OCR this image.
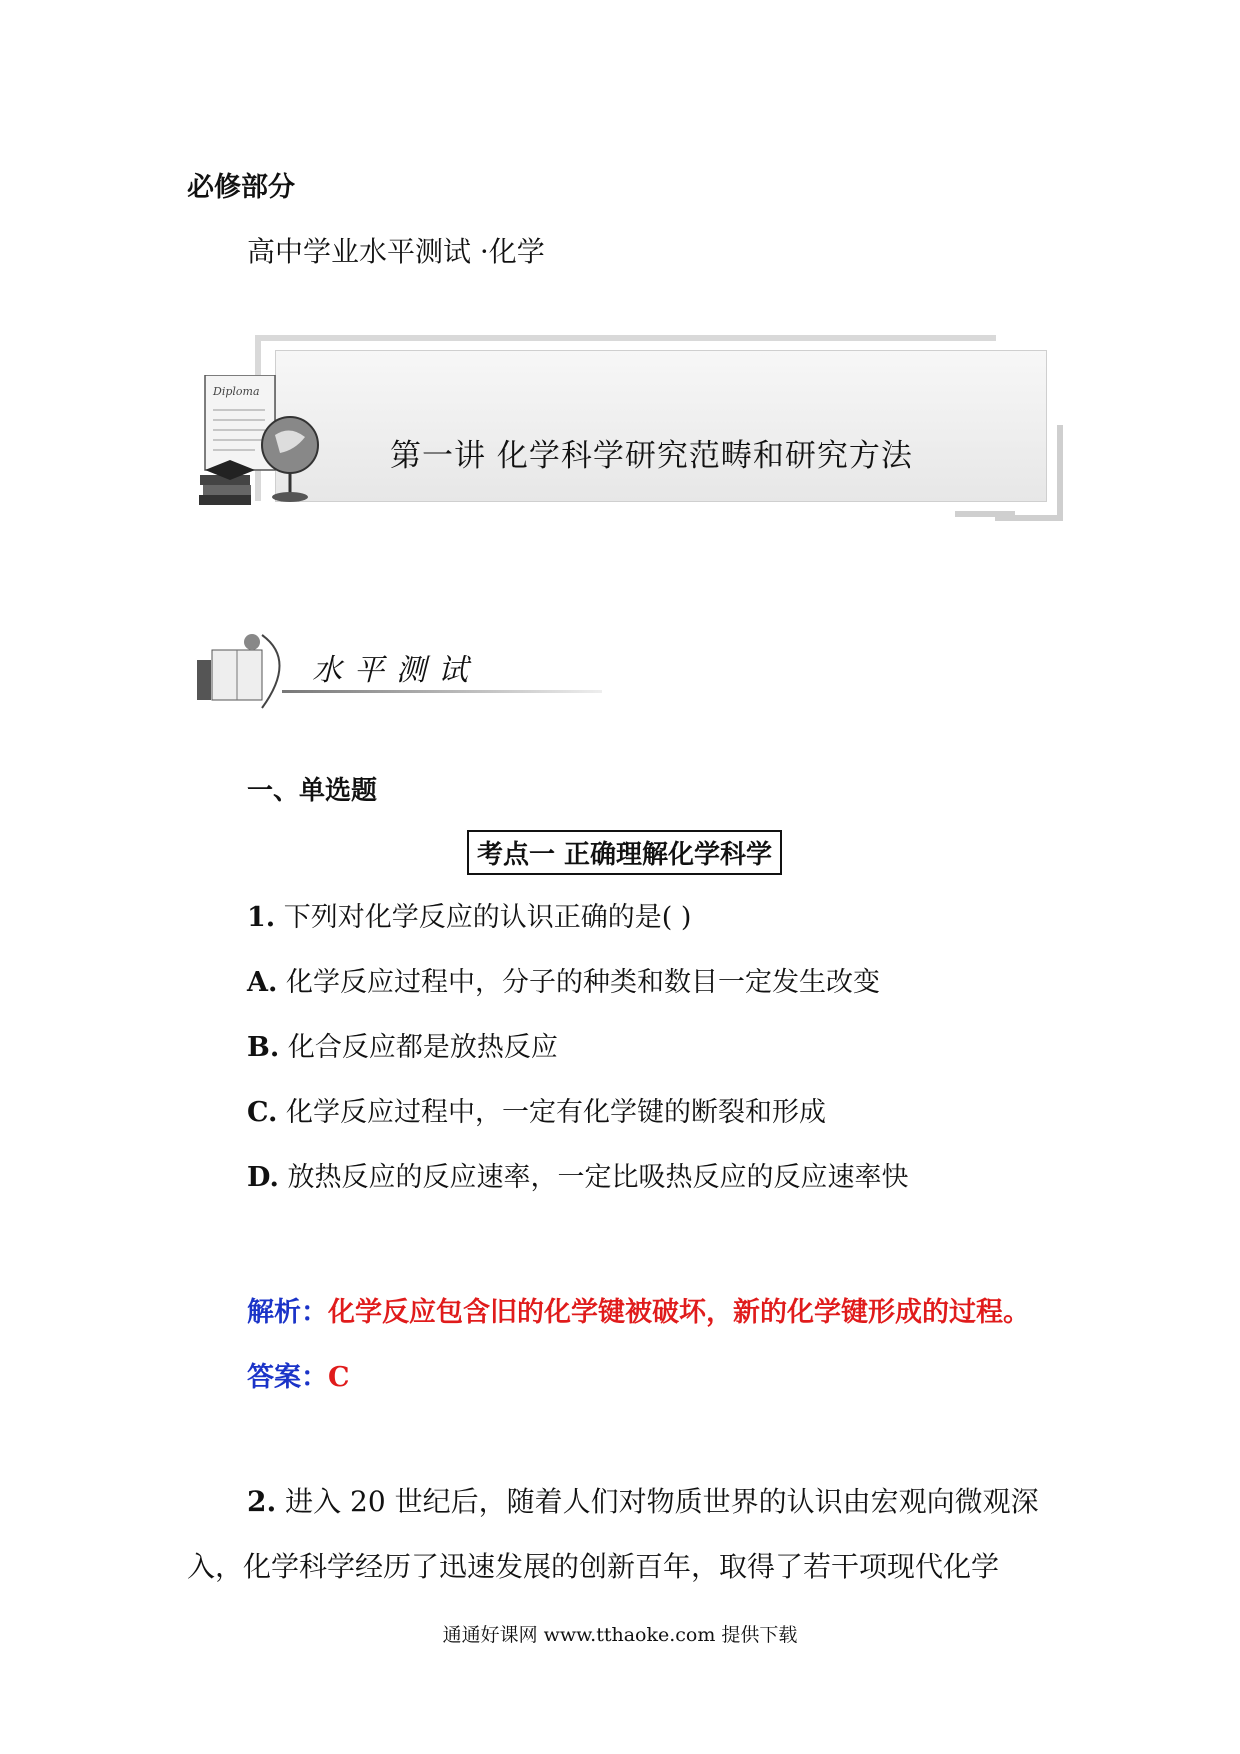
必修部分
高中学业水平测试 ·化学
Diploma
第一讲 化学科学研究范畴和研究方法
水平测试
一、单选题
考点一 正确理解化学科学
1. 下列对化学反应的认识正确的是( )
A. 化学反应过程中，分子的种类和数目一定发生改变
B. 化合反应都是放热反应
C. 化学反应过程中，一定有化学键的断裂和形成
D. 放热反应的反应速率，一定比吸热反应的反应速率快
解析：化学反应包含旧的化学键被破坏，新的化学键形成的过程。
答案：C
2. 进入 20 世纪后，随着人们对物质世界的认识由宏观向微观深
入，化学科学经历了迅速发展的创新百年，取得了若干项现代化学
通通好课网 www.tthaoke.com 提供下载
